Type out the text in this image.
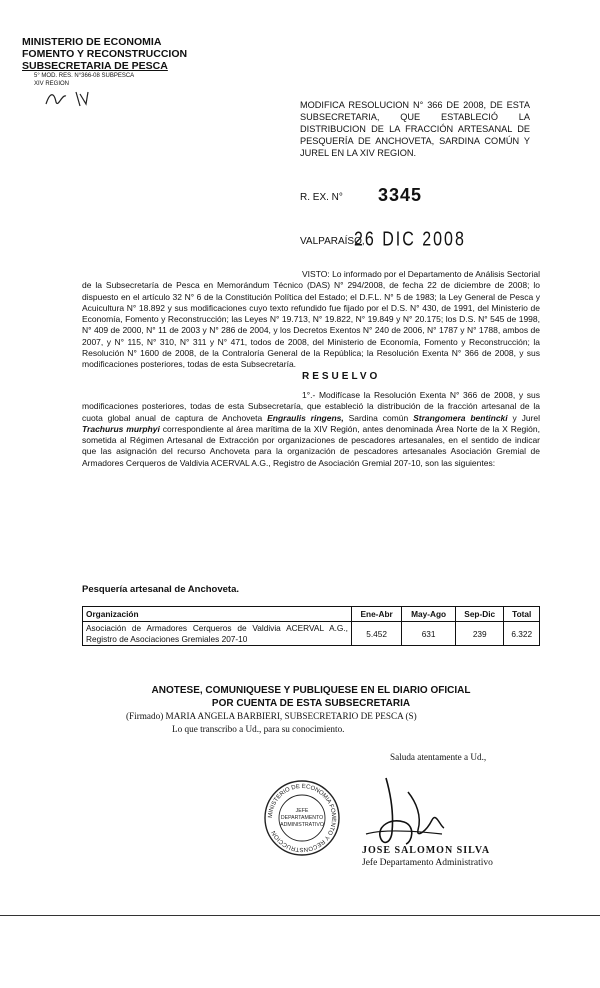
MINISTERIO DE ECONOMIA
FOMENTO Y RECONSTRUCCION
SUBSECRETARIA DE PESCA
5° MOD. RES. N°366-08 SUBPESCA
XIV REGION
MODIFICA RESOLUCION N° 366 DE 2008, DE ESTA SUBSECRETARIA, QUE ESTABLECIÓ LA DISTRIBUCION DE LA FRACCIÓN ARTESANAL DE PESQUERÍA DE ANCHOVETA, SARDINA COMÚN Y JUREL EN LA XIV REGION.
R. EX. N° 3345
VALPARAÍSO,
26 DIC 2008
VISTO: Lo informado por el Departamento de Análisis Sectorial de la Subsecretaría de Pesca en Memorándum Técnico (DAS) N° 294/2008, de fecha 22 de diciembre de 2008; lo dispuesto en el artículo 32 N° 6 de la Constitución Política del Estado; el D.F.L. N° 5 de 1983; la Ley General de Pesca y Acuicultura N° 18.892 y sus modificaciones cuyo texto refundido fue fijado por el D.S. N° 430, de 1991, del Ministerio de Economía, Fomento y Reconstrucción; las Leyes N° 19.713, N° 19.822, N° 19.849 y N° 20.175; los D.S. N° 545 de 1998, N° 409 de 2000, N° 11 de 2003 y N° 286 de 2004, y los Decretos Exentos N° 240 de 2006, N° 1787 y N° 1788, ambos de 2007, y N° 115, N° 310, N° 311 y N° 471, todos de 2008, del Ministerio de Economía, Fomento y Reconstrucción; la Resolución N° 1600 de 2008, de la Contraloría General de la República; la Resolución Exenta N° 366 de 2008, y sus modificaciones posteriores, todas de esta Subsecretaría.
RESUELVO
1°.- Modifícase la Resolución Exenta N° 366 de 2008, y sus modificaciones posteriores, todas de esta Subsecretaría, que estableció la distribución de la fracción artesanal de la cuota global anual de captura de Anchoveta Engraulis ringens, Sardina común Strangomera bentincki y Jurel Trachurus murphyi correspondiente al área marítima de la XIV Región, antes denominada Área Norte de la X Región, sometida al Régimen Artesanal de Extracción por organizaciones de pescadores artesanales, en el sentido de indicar que las asignación del recurso Anchoveta para la organización de pescadores artesanales Asociación Gremial de Armadores Cerqueros de Valdivia ACERVAL A.G., Registro de Asociación Gremial 207-10, son las siguientes:
Pesquería artesanal de Anchoveta.
Organización	Ene-Abr	May-Ago	Sep-Dic	Total
Asociación de Armadores Cerqueros de Valdivia ACERVAL A.G., Registro de Asociaciones Gremiales 207-10	5.452	631	239	6.322
ANOTESE, COMUNIQUESE Y PUBLIQUESE EN EL DIARIO OFICIAL
POR CUENTA DE ESTA SUBSECRETARIA
(Firmado) MARIA ANGELA BARBIERI, SUBSECRETARIO DE PESCA (S)
Lo que transcribo a Ud., para su conocimiento.
Saluda atentamente a Ud.,
MINISTERIO DE ECONOMIA FOMENTO Y RECONSTRUCCION
JEFE
DEPARTAMENTO
ADMINISTRATIVO
JOSE SALOMON SILVA
Jefe Departamento Administrativo
